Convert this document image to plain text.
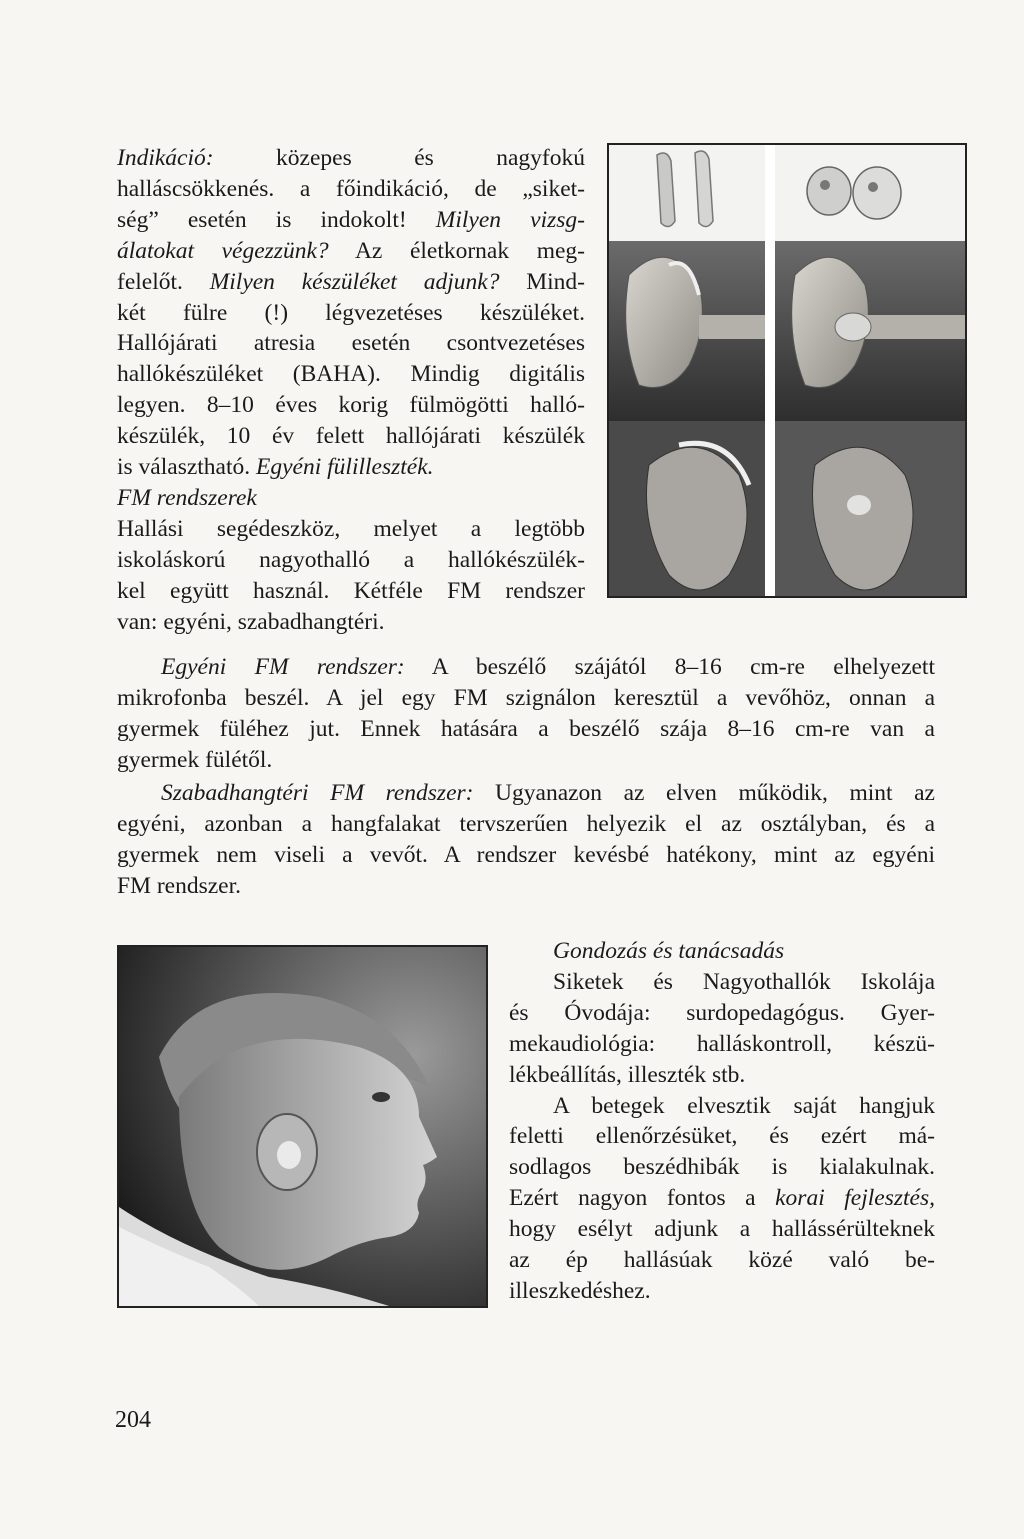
Indikáció: közepes és nagyfokú
halláscsökkenés. a főindikáció, de „siket-
ség” esetén is indokolt! Milyen vizsg-
álatokat végezzünk? Az életkornak meg-
felelőt. Milyen készüléket adjunk? Mind-
két fülre (!) légvezetéses készüléket.
Hallójárati atresia esetén csontvezetéses
hallókészüléket (BAHA). Mindig digitális
legyen. 8–10 éves korig fülmögötti halló-
készülék, 10 év felett hallójárati készülék
is választható. Egyéni fülilleszték.
FM rendszerek
Hallási segédeszköz, melyet a legtöbb
iskoláskorú nagyothalló a hallókészülék-
kel együtt használ. Kétféle FM rendszer
van: egyéni, szabadhangtéri.
Egyéni FM rendszer: A beszélő szájától 8–16 cm-re elhelyezett
mikrofonba beszél. A jel egy FM szignálon keresztül a vevőhöz, onnan a
gyermek füléhez jut. Ennek hatására a beszélő szája 8–16 cm-re van a
gyermek fülétől.
Szabadhangtéri FM rendszer: Ugyanazon az elven működik, mint az
egyéni, azonban a hangfalakat tervszerűen helyezik el az osztályban, és a
gyermek nem viseli a vevőt. A rendszer kevésbé hatékony, mint az egyéni
FM rendszer.
Gondozás és tanácsadás
Siketek és Nagyothallók Iskolája
és Óvodája: surdopedagógus. Gyer-
mekaudiológia: halláskontroll, készü-
lékbeállítás, illeszték stb.
A betegek elvesztik saját hangjuk
feletti ellenőrzésüket, és ezért má-
sodlagos beszédhibák is kialakulnak.
Ezért nagyon fontos a korai fejlesztés,
hogy esélyt adjunk a hallássérülteknek
az ép hallásúak közé való be-
illeszkedéshez.
204
